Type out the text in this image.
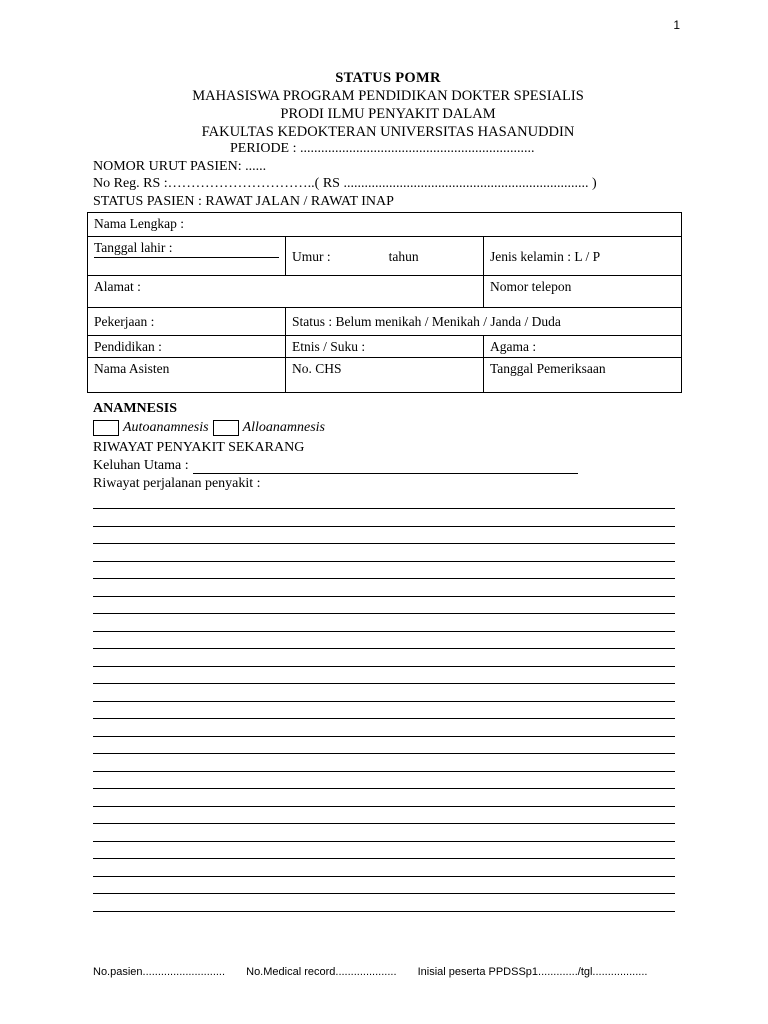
1
STATUS POMR
MAHASISWA PROGRAM PENDIDIKAN DOKTER SPESIALIS
PRODI ILMU PENYAKIT DALAM
FAKULTAS KEDOKTERAN UNIVERSITAS HASANUDDIN
PERIODE : ...................................................................
NOMOR URUT PASIEN: ......
No Reg. RS :…………………………..( RS ...................................................................... )
STATUS PASIEN : RAWAT JALAN / RAWAT INAP
Nama Lengkap :		

Tanggal lahir :	Umur : tahun	Jenis kelamin : L / P
Alamat :		Nomor telepon
Pekerjaan :	Status : Belum menikah / Menikah / Janda / Duda	
Pendidikan :	Etnis / Suku :	Agama :
Nama Asisten	No. CHS	Tanggal Pemeriksaan
ANAMNESIS
Autoanamnesis Alloanamnesis
RIWAYAT PENYAKIT SEKARANG
Keluhan Utama :
Riwayat perjalanan penyakit :
No.pasien........................... No.Medical record.................... Inisial peserta PPDSSp1............./tgl..................
